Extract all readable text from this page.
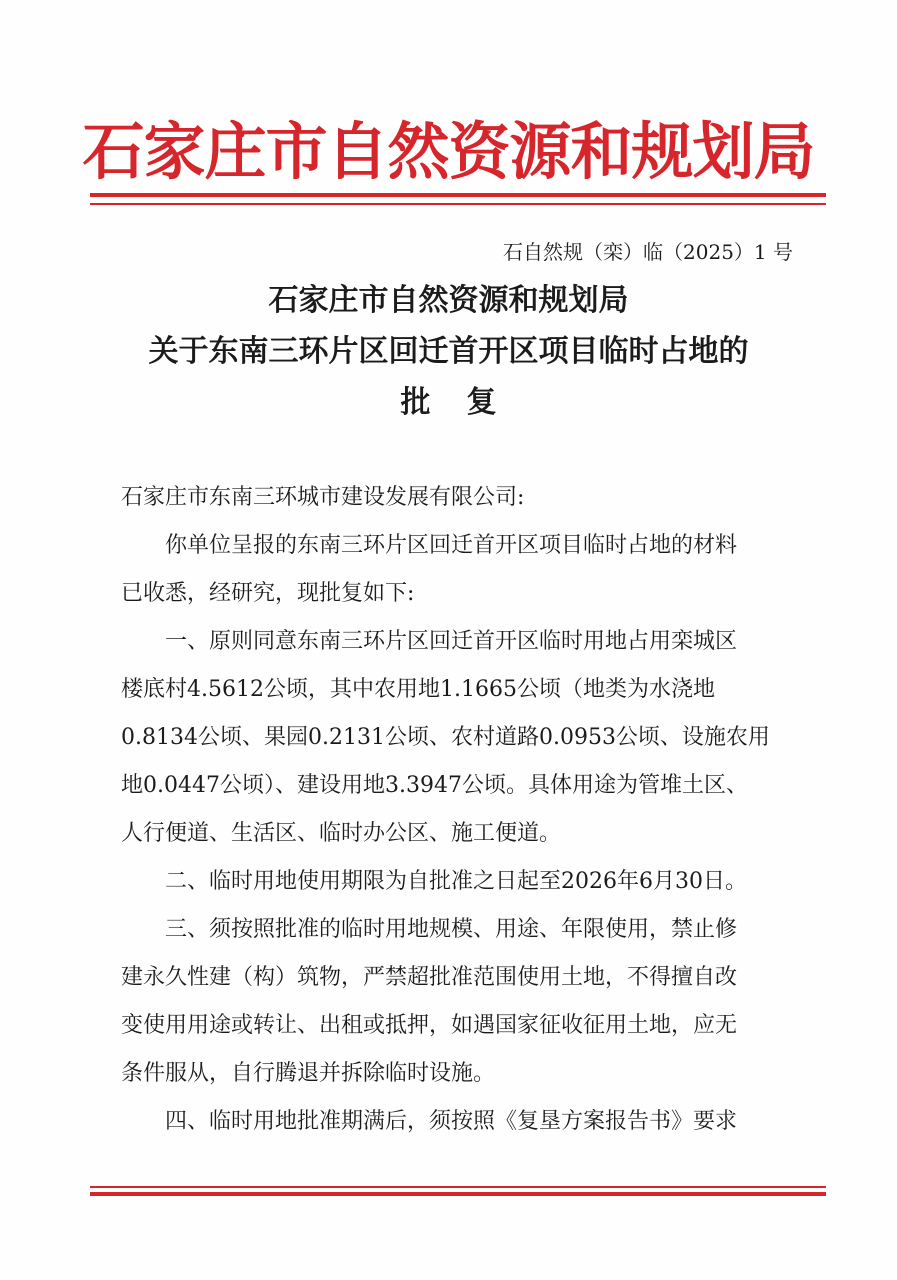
石家庄市自然资源和规划局
石自然规（栾）临（2025）1 号
石家庄市自然资源和规划局
关于东南三环片区回迁首开区项目临时占地的
批复
石家庄市东南三环城市建设发展有限公司:
　　你单位呈报的东南三环片区回迁首开区项目临时占地的材料
已收悉，经研究，现批复如下:
　　一、原则同意东南三环片区回迁首开区临时用地占用栾城区
楼底村4.5612公顷，其中农用地1.1665公顷（地类为水浇地
0.8134公顷、果园0.2131公顷、农村道路0.0953公顷、设施农用
地0.0447公顷）、建设用地3.3947公顷。具体用途为管堆土区、
人行便道、生活区、临时办公区、施工便道。
　　二、临时用地使用期限为自批准之日起至2026年6月30日。
　　三、须按照批准的临时用地规模、用途、年限使用，禁止修
建永久性建（构）筑物，严禁超批准范围使用土地，不得擅自改
变使用用途或转让、出租或抵押，如遇国家征收征用土地，应无
条件服从，自行腾退并拆除临时设施。
　　四、临时用地批准期满后，须按照《复垦方案报告书》要求
